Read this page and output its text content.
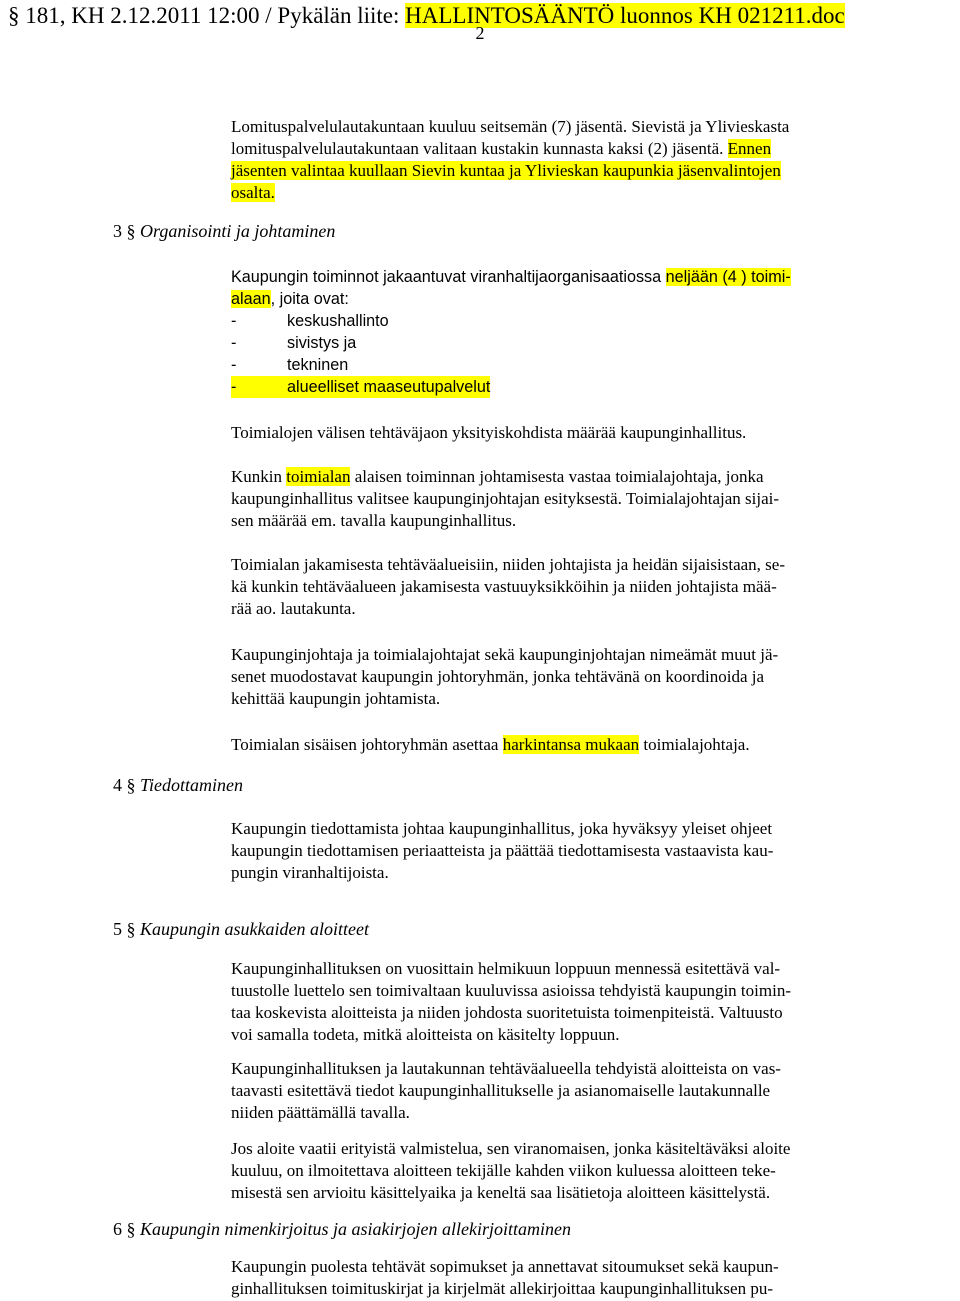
§ 181, KH 2.12.2011 12:00 / Pykälän liite: HALLINTOSÄÄNTÖ luonnos KH 021211.doc
2
Lomituspalvelulautakuntaan kuuluu seitsemän (7) jäsentä. Sievistä ja Ylivieskasta
lomituspalvelulautakuntaan valitaan kustakin kunnasta kaksi (2) jäsentä. Ennen
jäsenten valintaa kuullaan Sievin kuntaa ja Ylivieskan kaupunkia jäsenvalintojen
osalta.
3 § Organisointi ja johtaminen
Kaupungin toiminnot jakaantuvat viranhaltijaorganisaatiossa neljään (4 ) toimi-
alaan, joita ovat:
-	keskushallinto
-	sivistys ja
-	tekninen
-	alueelliset maaseutupalvelut
Toimialojen välisen tehtäväjaon yksityiskohdista määrää kaupunginhallitus.
Kunkin toimialan alaisen toiminnan johtamisesta vastaa toimialajohtaja, jonka
kaupunginhallitus valitsee kaupunginjohtajan esityksestä. Toimialajohtajan sijai-
sen määrää em. tavalla kaupunginhallitus.
Toimialan jakamisesta tehtäväalueisiin, niiden johtajista ja heidän sijaisistaan, se-
kä kunkin tehtäväalueen jakamisesta vastuuyksikköihin ja niiden johtajista mää-
rää ao. lautakunta.
Kaupunginjohtaja ja toimialajohtajat sekä kaupunginjohtajan nimeämät muut jä-
senet muodostavat kaupungin johtoryhmän, jonka tehtävänä on koordinoida ja
kehittää kaupungin johtamista.
Toimialan sisäisen johtoryhmän asettaa harkintansa mukaan toimialajohtaja.
4 § Tiedottaminen
Kaupungin tiedottamista johtaa kaupunginhallitus, joka hyväksyy yleiset ohjeet
kaupungin tiedottamisen periaatteista ja päättää tiedottamisesta vastaavista kau-
pungin viranhaltijoista.
5 § Kaupungin asukkaiden aloitteet
Kaupunginhallituksen on vuosittain helmikuun loppuun mennessä esitettävä val-
tuustolle luettelo sen toimivaltaan kuuluvissa asioissa tehdyistä kaupungin toimin-
taa koskevista aloitteista ja niiden johdosta suoritetuista toimenpiteistä. Valtuusto
voi samalla todeta, mitkä aloitteista on käsitelty loppuun.
Kaupunginhallituksen ja lautakunnan tehtäväalueella tehdyistä aloitteista on vas-
taavasti esitettävä tiedot kaupunginhallitukselle ja asianomaiselle lautakunnalle
niiden päättämällä tavalla.
Jos aloite vaatii erityistä valmistelua, sen viranomaisen, jonka käsiteltäväksi aloite
kuuluu, on ilmoitettava aloitteen tekijälle kahden viikon kuluessa aloitteen teke-
misestä sen arvioitu käsittelyaika ja keneltä saa lisätietoja aloitteen käsittelystä.
6 § Kaupungin nimenkirjoitus ja asiakirjojen allekirjoittaminen
Kaupungin puolesta tehtävät sopimukset ja annettavat sitoumukset sekä kaupun-
ginhallituksen toimituskirjat ja kirjelmät allekirjoittaa kaupunginhallituksen pu-
